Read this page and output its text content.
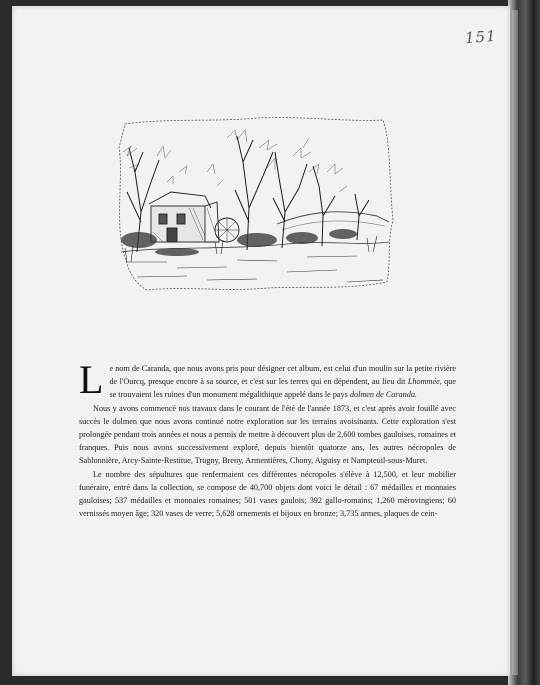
151

Le nom de Caranda, que nous avons pris pour désigner cet album, est celui d'un moulin sur la petite rivière de l'Ourcq, presque encore à sa source, et c'est sur les terres qui en dépendent, au lieu dit Lhommée, que se trouvaient les ruines d'un monument mégalithique appelé dans le pays dolmen de Caranda.

Nous y avons commencé nos travaux dans le courant de l'été de l'année 1873, et c'est après avoir fouillé avec succès le dolmen que nous avons continué notre exploration sur les terrains avoisinants. Cette exploration s'est prolongée pendant trois années et nous a permis de mettre à découvert plus de 2,600 tombes gauloises, romaines et franques. Puis nous avons successivement exploré, depuis bientôt quatorze ans, les autres nécropoles de Sablonnière, Arcy-Sainte-Restitue, Trugny, Breny, Armentières, Chony, Aiguisy et Nampteuil-sous-Muret.

Le nombre des sépultures que renfermaient ces différentes nécropoles s'élève à 12,500, et leur mobilier funéraire, entré dans la collection, se compose de 40,700 objets dont voici le détail : 67 médailles et monnaies gauloises; 537 médailles et monnaies romaines; 501 vases gaulois; 392 gallo-romains; 1,260 mérovingiens; 60 vernissés moyen âge; 320 vases de verre; 5,628 ornements et bijoux en bronze; 3,735 armes, plaques de cein-
